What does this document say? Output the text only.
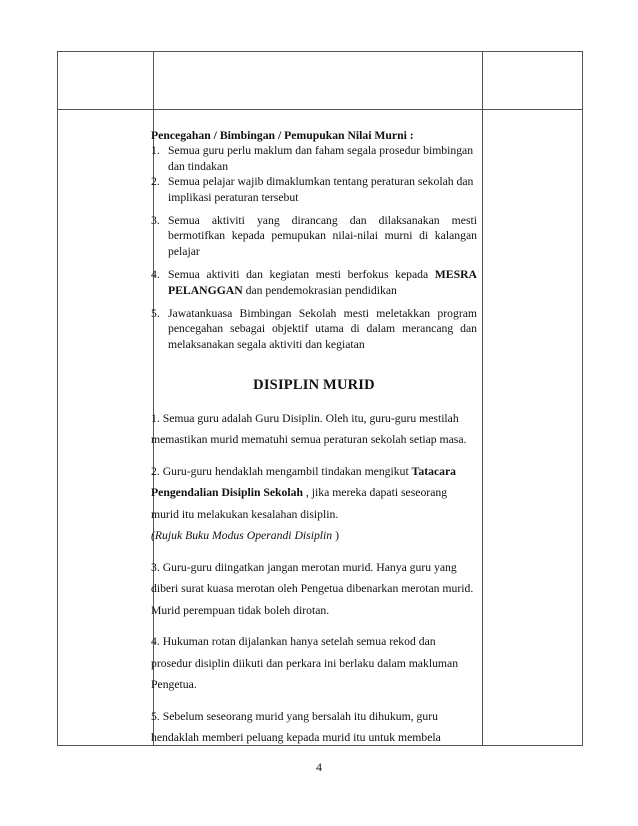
Pencegahan / Bimbingan / Pemupukan Nilai Murni :

1. Semua guru perlu maklum dan faham segala prosedur bimbingan dan tindakan
2. Semua pelajar wajib dimaklumkan tentang peraturan sekolah dan implikasi peraturan tersebut
3. Semua aktiviti yang dirancang dan dilaksanakan mesti bermotifkan kepada pemupukan nilai-nilai murni di kalangan pelajar
4. Semua aktiviti dan kegiatan mesti berfokus kepada MESRA PELANGGAN dan pendemokrasian pendidikan
5. Jawatankuasa Bimbingan Sekolah mesti meletakkan program pencegahan sebagai objektif utama di dalam merancang dan melaksanakan segala aktiviti dan kegiatan
DISIPLIN MURID

1. Semua guru adalah Guru Disiplin. Oleh itu, guru-guru mestilah memastikan murid mematuhi semua peraturan sekolah setiap masa.

2. Guru-guru hendaklah mengambil tindakan mengikut Tatacara Pengendalian Disiplin Sekolah , jika mereka dapati seseorang murid itu melakukan kesalahan disiplin.
(Rujuk Buku Modus Operandi Disiplin )

3. Guru-guru diingatkan jangan merotan murid. Hanya guru yang diberi surat kuasa merotan oleh Pengetua dibenarkan merotan murid. Murid perempuan tidak boleh dirotan.

4. Hukuman rotan dijalankan hanya setelah semua rekod dan prosedur disiplin diikuti dan perkara ini berlaku dalam makluman Pengetua.

5. Sebelum seseorang murid yang bersalah itu dihukum, guru hendaklah memberi peluang kepada murid itu untuk membela

4
